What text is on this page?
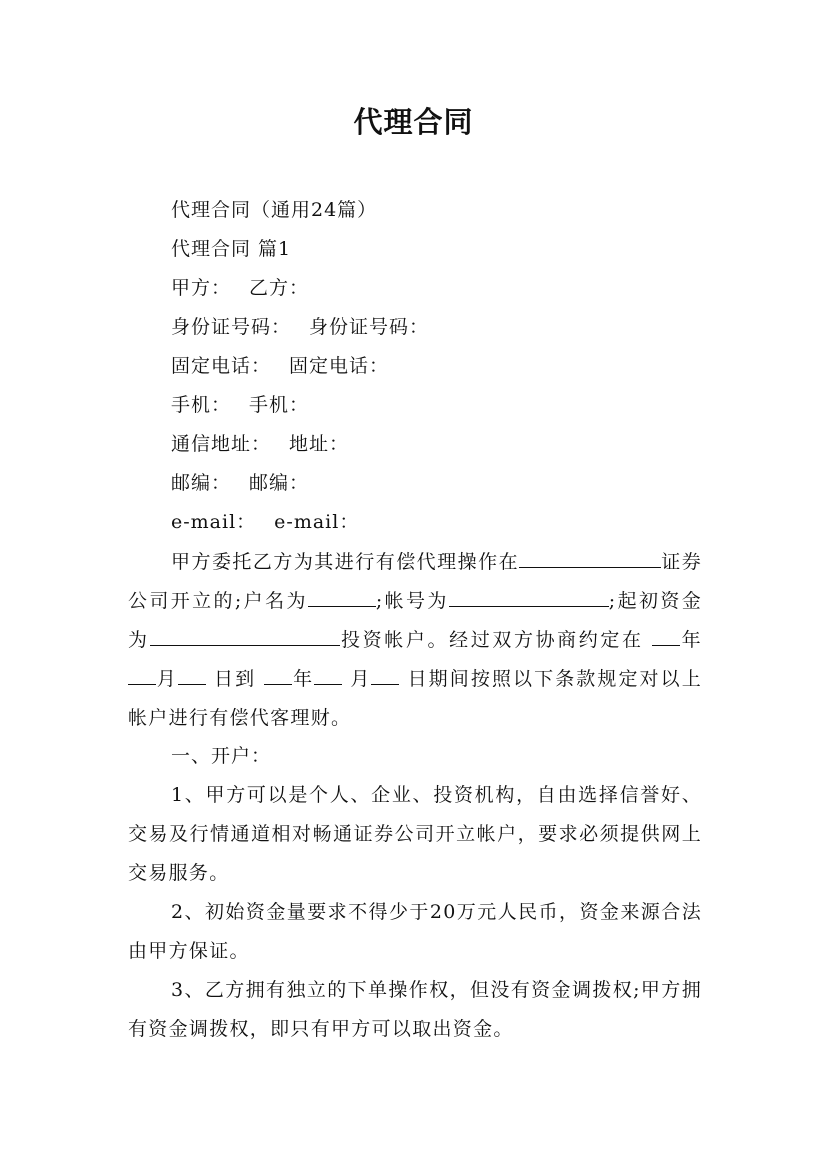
代理合同
代理合同（通用24篇）
代理合同 篇1
甲方： 乙方：
身份证号码： 身份证号码：
固定电话： 固定电话：
手机： 手机：
通信地址： 地址：
邮编： 邮编：
e-mail： e-mail：
甲方委托乙方为其进行有偿代理操作在	证券公司开立的;户名为	;帐号为	;起初资金为	投资帐户。经过双方协商约定在 年 月 日到 年 月 日期间按照以下条款规定对以上帐户进行有偿代客理财。
一、开户：
1、甲方可以是个人、企业、投资机构，自由选择信誉好、交易及行情通道相对畅通证券公司开立帐户，要求必须提供网上交易服务。
2、初始资金量要求不得少于20万元人民币，资金来源合法由甲方保证。
3、乙方拥有独立的下单操作权，但没有资金调拨权;甲方拥有资金调拨权，即只有甲方可以取出资金。
